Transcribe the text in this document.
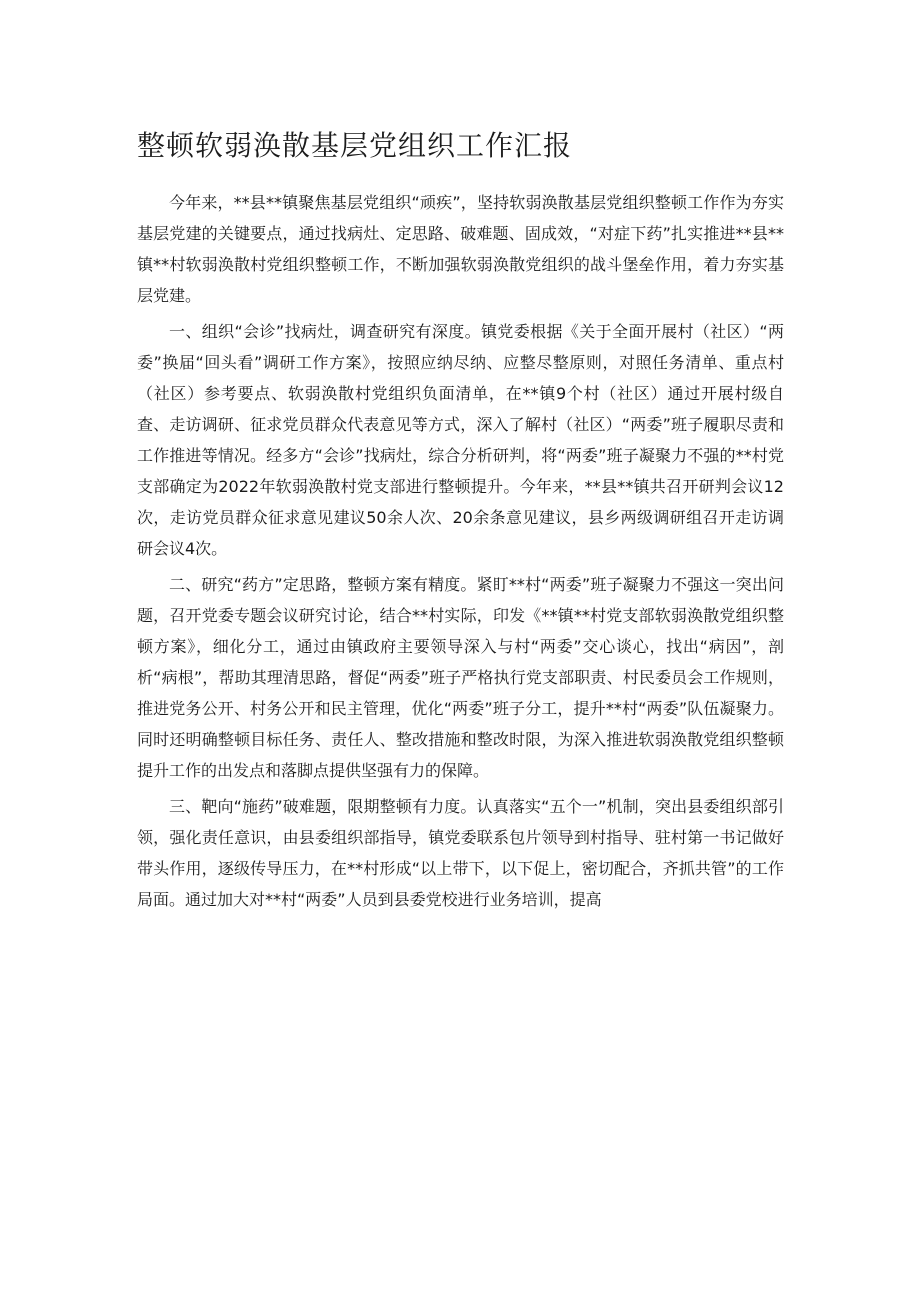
整顿软弱涣散基层党组织工作汇报

今年来，**县**镇聚焦基层党组织“顽疾”，坚持软弱涣散基层党组织整顿工作作为夯实基层党建的关键要点，通过找病灶、定思路、破难题、固成效，“对症下药”扎实推进**县**镇**村软弱涣散村党组织整顿工作，不断加强软弱涣散党组织的战斗堡垒作用，着力夯实基层党建。

一、组织“会诊”找病灶，调查研究有深度。镇党委根据《关于全面开展村（社区）“两委”换届“回头看”调研工作方案》，按照应纳尽纳、应整尽整原则，对照任务清单、重点村（社区）参考要点、软弱涣散村党组织负面清单，在**镇9个村（社区）通过开展村级自查、走访调研、征求党员群众代表意见等方式，深入了解村（社区）“两委”班子履职尽责和工作推进等情况。经多方“会诊”找病灶，综合分析研判，将“两委”班子凝聚力不强的**村党支部确定为2022年软弱涣散村党支部进行整顿提升。今年来，**县**镇共召开研判会议12次，走访党员群众征求意见建议50余人次、20余条意见建议，县乡两级调研组召开走访调研会议4次。

二、研究“药方”定思路，整顿方案有精度。紧盯**村“两委”班子凝聚力不强这一突出问题，召开党委专题会议研究讨论，结合**村实际，印发《**镇**村党支部软弱涣散党组织整顿方案》，细化分工，通过由镇政府主要领导深入与村“两委”交心谈心，找出“病因”，剖析“病根”，帮助其理清思路，督促“两委”班子严格执行党支部职责、村民委员会工作规则，推进党务公开、村务公开和民主管理，优化“两委”班子分工，提升**村“两委”队伍凝聚力。同时还明确整顿目标任务、责任人、整改措施和整改时限，为深入推进软弱涣散党组织整顿提升工作的出发点和落脚点提供坚强有力的保障。

三、靶向“施药”破难题，限期整顿有力度。认真落实“五个一”机制，突出县委组织部引领，强化责任意识，由县委组织部指导，镇党委联系包片领导到村指导、驻村第一书记做好带头作用，逐级传导压力，在**村形成“以上带下，以下促上，密切配合，齐抓共管”的工作局面。通过加大对**村“两委”人员到县委党校进行业务培训，提高
